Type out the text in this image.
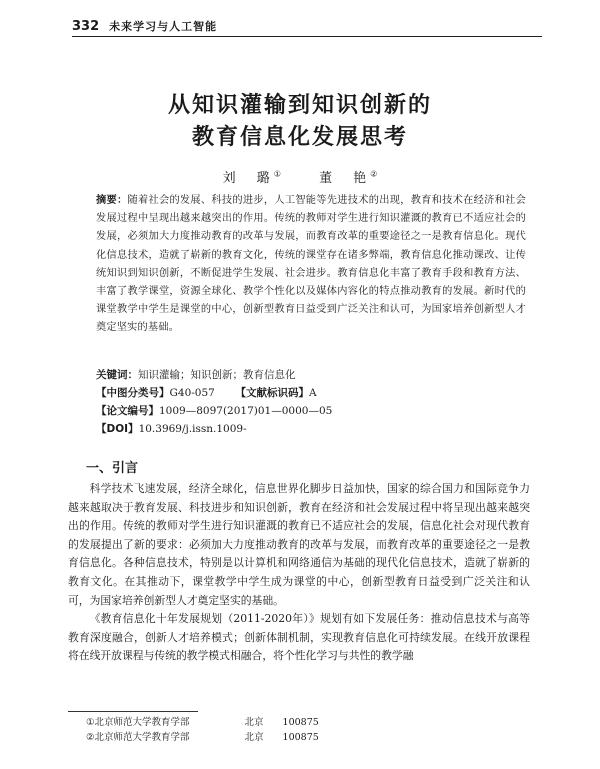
332 未来学习与人工智能
从知识灌输到知识创新的
教育信息化发展思考
刘　璐①	董　艳②
摘要：随着社会的发展、科技的进步，人工智能等先进技术的出现，教育和技术在经济和社会发展过程中呈现出越来越突出的作用。传统的教师对学生进行知识灌溉的教育已不适应社会的发展，必须加大力度推动教育的改革与发展，而教育改革的重要途径之一是教育信息化。现代化信息技术，造就了崭新的教育文化，传统的课堂存在诸多弊端，教育信息化推动课改、让传统知识到知识创新，不断促进学生发展、社会进步。教育信息化丰富了教育手段和教育方法、丰富了教学课堂，资源全球化、教学个性化以及媒体内容化的特点推动教育的发展。新时代的课堂教学中学生是课堂的中心，创新型教育日益受到广泛关注和认可，为国家培养创新型人才奠定坚实的基础。
关键词：知识灌输；知识创新；教育信息化
【中图分类号】G40-057 【文献标识码】A
【论文编号】1009—8097(2017)01—0000—05
【DOI】10.3969/j.issn.1009-
一、引言

科学技术飞速发展，经济全球化，信息世界化脚步日益加快，国家的综合国力和国际竞争力越来越取决于教育发展、科技进步和知识创新，教育在经济和社会发展过程中将呈现出越来越突出的作用。传统的教师对学生进行知识灌溉的教育已不适应社会的发展，信息化社会对现代教育的发展提出了新的要求：必须加大力度推动教育的改革与发展，而教育改革的重要途径之一是教育信息化。各种信息技术，特别是以计算机和网络通信为基础的现代化信息技术，造就了崭新的教育文化。在其推动下，课堂教学中学生成为课堂的中心，创新型教育日益受到广泛关注和认可，为国家培养创新型人才奠定坚实的基础。

《教育信息化十年发展规划（2011-2020年）》规划有如下发展任务：推动信息技术与高等教育深度融合，创新人才培养模式；创新体制机制，实现教育信息化可持续发展。在线开放课程将在线开放课程与传统的教学模式相融合，将个性化学习与共性的教学融

①北京师范大学教育学部	北京 100875
②北京师范大学教育学部	北京 100875
